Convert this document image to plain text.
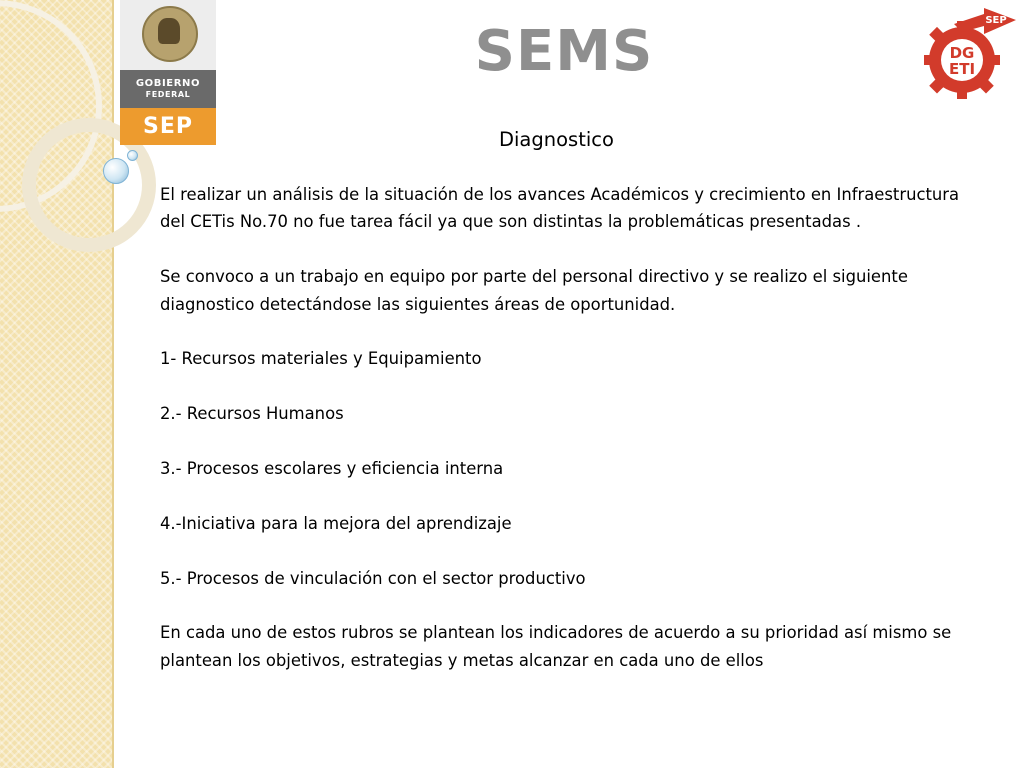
GOBIERNO
FEDERAL
SEP
SEMS	SEP
DG
ETI
Diagnostico

El realizar un análisis de la situación de los avances Académicos y crecimiento en Infraestructura del CETis No.70 no fue tarea fácil ya que son distintas la problemáticas presentadas .

Se convoco a un trabajo en equipo por parte del personal directivo y se realizo el siguiente diagnostico detectándose las siguientes áreas de oportunidad.

1- Recursos materiales y Equipamiento

2.- Recursos Humanos

3.- Procesos escolares y eficiencia interna

4.-Iniciativa para la mejora del aprendizaje

5.- Procesos de vinculación con el sector productivo

En cada uno de estos rubros se plantean los indicadores de acuerdo a su prioridad así mismo se plantean los objetivos, estrategias y metas alcanzar en cada uno de ellos
